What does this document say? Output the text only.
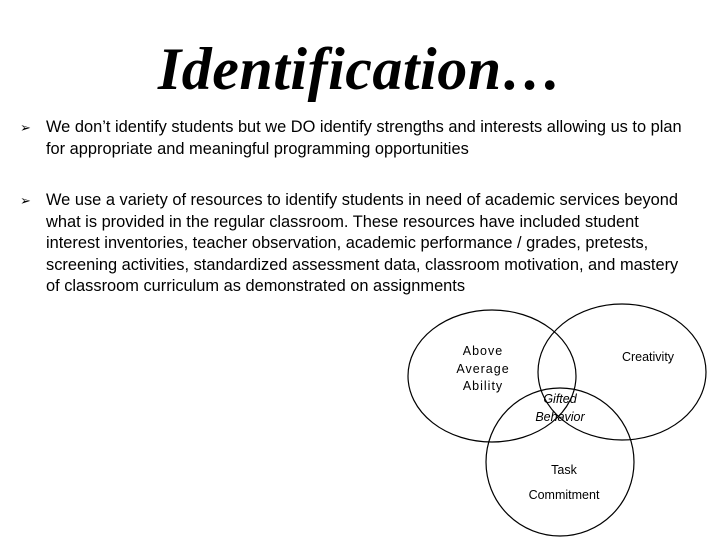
Identification…
➢ We don’t identify students but we DO identify strengths and interests allowing us to plan for appropriate and meaningful programming opportunities
➢ We use a variety of resources to identify students in need of academic services beyond what is provided in the regular classroom. These resources have included student interest inventories, teacher observation, academic performance / grades, pretests, screening activities, standardized assessment data, classroom motivation, and mastery of classroom curriculum as demonstrated on assignments
Above
Average
Ability
Creativity
Gifted
Behavior
Task
Commitment
